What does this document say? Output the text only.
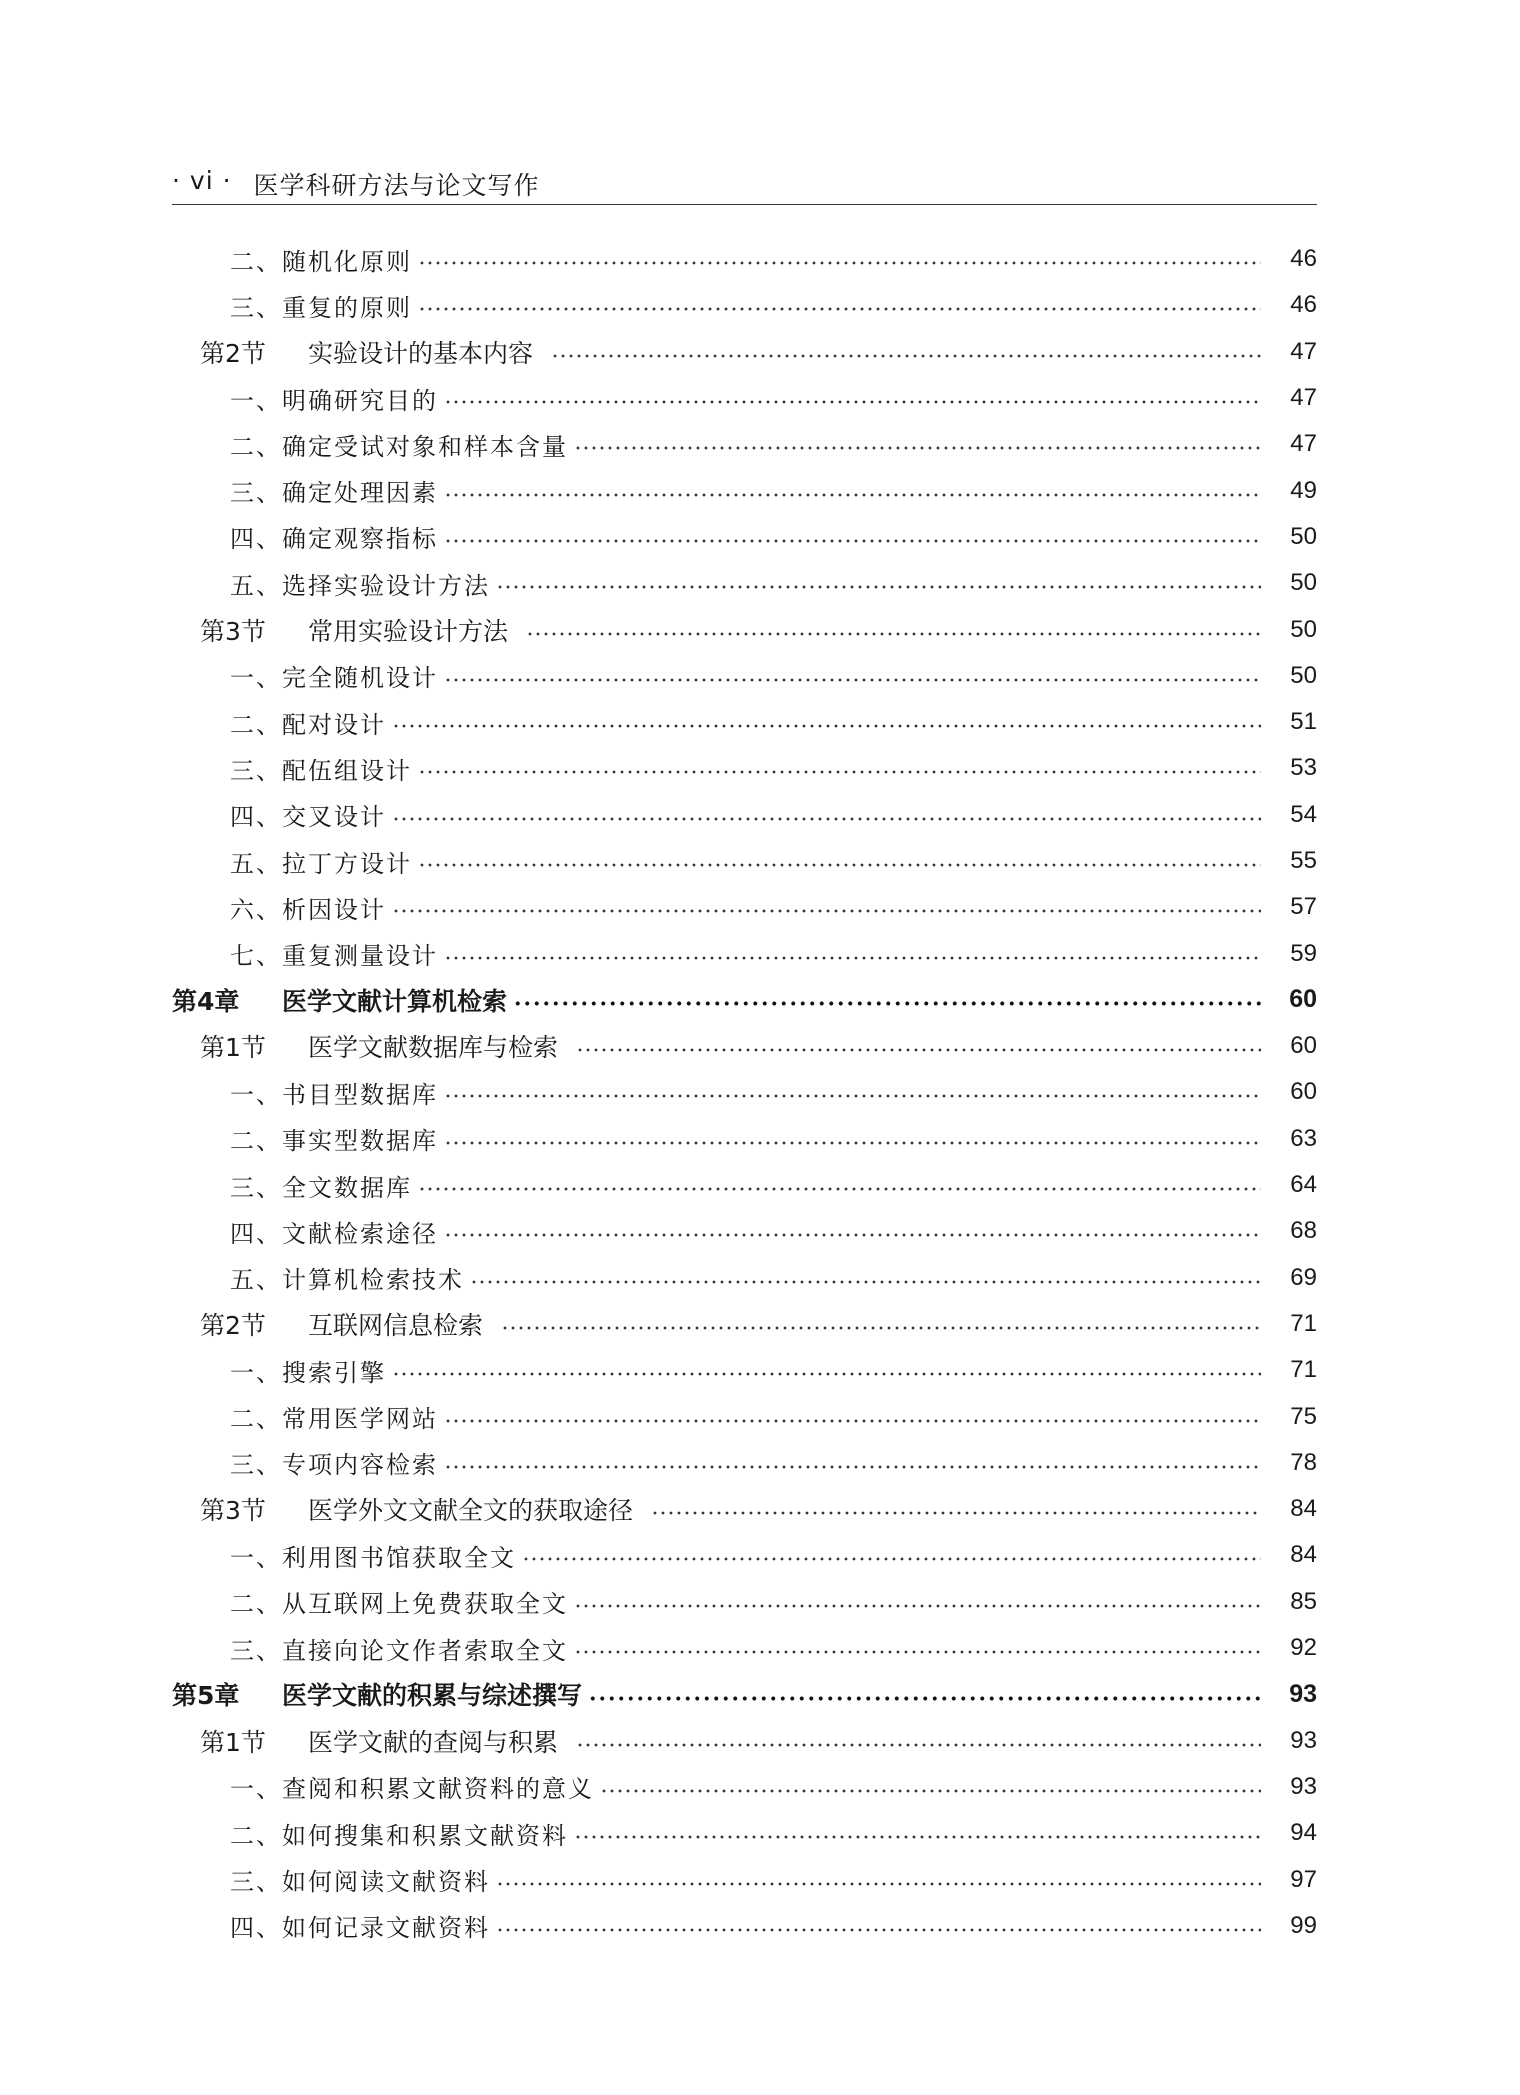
· vi · 医学科研方法与论文写作
二、随机化原则	46
三、重复的原则	46
第2节	实验设计的基本内容	47
一、明确研究目的	47
二、确定受试对象和样本含量	47
三、确定处理因素	49
四、确定观察指标	50
五、选择实验设计方法	50
第3节	常用实验设计方法	50
一、完全随机设计	50
二、配对设计	51
三、配伍组设计	53
四、交叉设计	54
五、拉丁方设计	55
六、析因设计	57
七、重复测量设计	59
第4章	医学文献计算机检索	60
第1节	医学文献数据库与检索	60
一、书目型数据库	60
二、事实型数据库	63
三、全文数据库	64
四、文献检索途径	68
五、计算机检索技术	69
第2节	互联网信息检索	71
一、搜索引擎	71
二、常用医学网站	75
三、专项内容检索	78
第3节	医学外文文献全文的获取途径	84
一、利用图书馆获取全文	84
二、从互联网上免费获取全文	85
三、直接向论文作者索取全文	92
第5章	医学文献的积累与综述撰写	93
第1节	医学文献的查阅与积累	93
一、查阅和积累文献资料的意义	93
二、如何搜集和积累文献资料	94
三、如何阅读文献资料	97
四、如何记录文献资料	99
